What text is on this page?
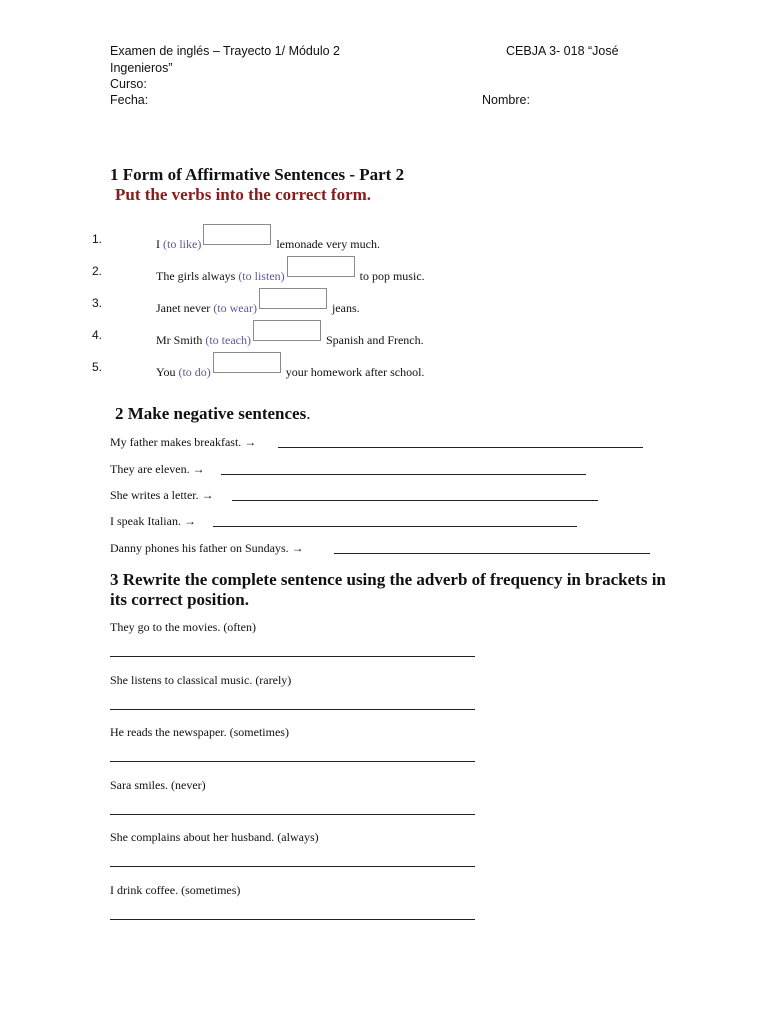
Examen de inglés – Trayecto 1/ Módulo 2	CEBJA 3- 018 “José
Ingenieros”
Curso:
Fecha:	Nombre:
1 Form of Affirmative Sentences - Part 2
Put the verbs into the correct form.
1.	I (to like)	lemonade very much.
2.	The girls always (to listen)	to pop music.
3.	Janet never (to wear)	jeans.
4.	Mr Smith (to teach)	Spanish and French.
5.	You (to do)	your homework after school.
2 Make negative sentences.
My father makes breakfast. →
They are eleven. →
She writes a letter. →
I speak Italian. →
Danny phones his father on Sundays. →
3 Rewrite the complete sentence using the adverb of frequency in brackets in its correct position.
They go to the movies. (often)
She listens to classical music. (rarely)
He reads the newspaper. (sometimes)
Sara smiles. (never)
She complains about her husband. (always)
I drink coffee. (sometimes)
